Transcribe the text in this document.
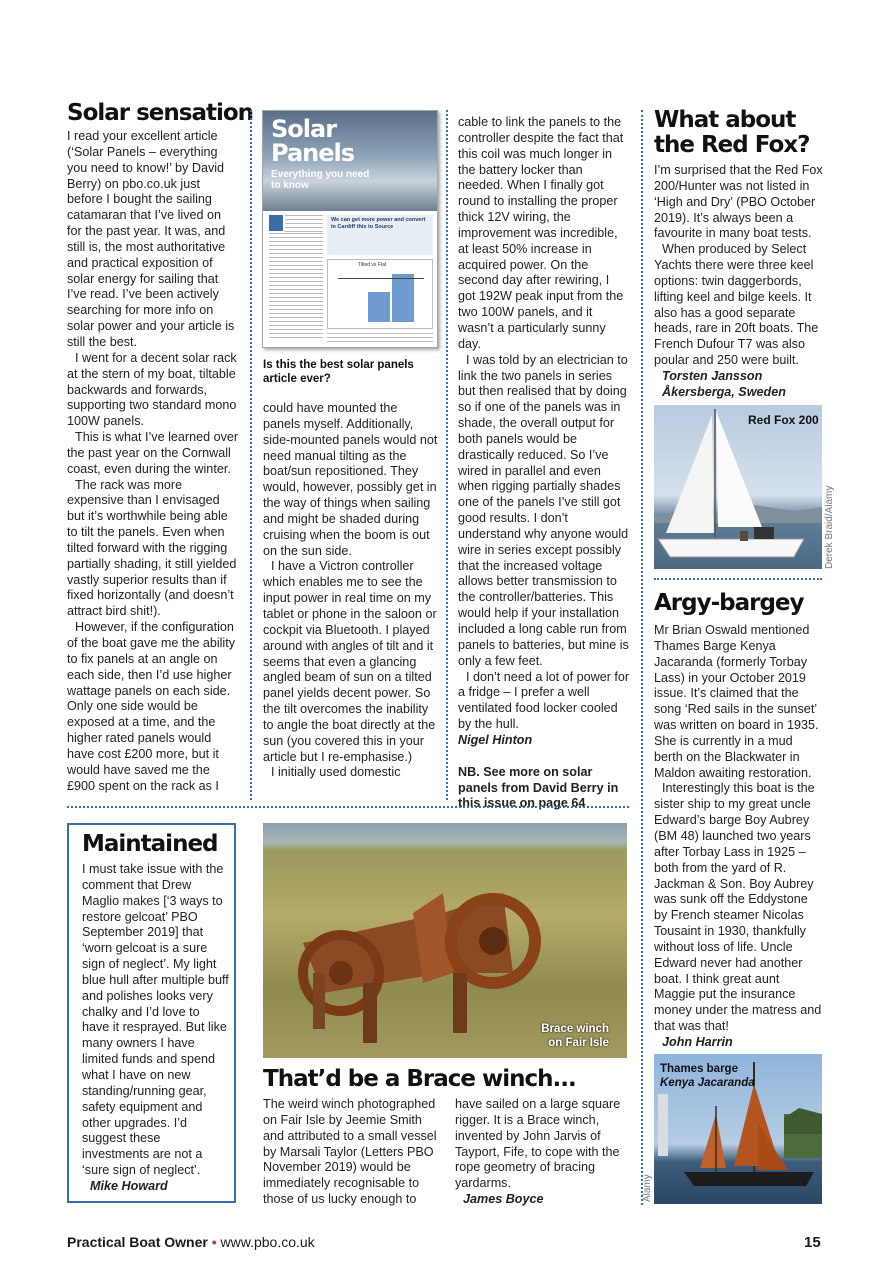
Solar sensation

I read your excellent article (‘Solar Panels – everything you need to know!’ by David Berry) on pbo.co.uk just before I bought the sailing catamaran that I’ve lived on for the past year. It was, and still is, the most authoritative and practical exposition of solar energy for sailing that I’ve read. I’ve been actively searching for more info on solar power and your article is still the best.

I went for a decent solar rack at the stern of my boat, tiltable backwards and forwards, supporting two standard mono 100W panels.

This is what I’ve learned over the past year on the Cornwall coast, even during the winter.

The rack was more expensive than I envisaged but it’s worthwhile being able to tilt the panels. Even when tilted forward with the rigging partially shading, it still yielded vastly superior results than if fixed horizontally (and doesn’t attract bird shit!).

However, if the configuration of the boat gave me the ability to fix panels at an angle on each side, then I’d use higher wattage panels on each side. Only one side would be exposed at a time, and the higher rated panels would have cost £200 more, but it would have saved me the £900 spent on the rack as I

Solar
Panels
Everything you need to know
We can get more power and convert in Cardiff this to Source
Tilted vs Flat
Is this the best solar panels article ever?

could have mounted the panels myself. Additionally, side-mounted panels would not need manual tilting as the boat/sun repositioned. They would, however, possibly get in the way of things when sailing and might be shaded during cruising when the boom is out on the sun side.

I have a Victron controller which enables me to see the input power in real time on my tablet or phone in the saloon or cockpit via Bluetooth. I played around with angles of tilt and it seems that even a glancing angled beam of sun on a tilted panel yields decent power. So the tilt overcomes the inability to angle the boat directly at the sun (you covered this in your article but I re-emphasise.)

I initially used domestic

cable to link the panels to the controller despite the fact that this coil was much longer in the battery locker than needed. When I finally got round to installing the proper thick 12V wiring, the improvement was incredible, at least 50% increase in acquired power. On the second day after rewiring, I got 192W peak input from the two 100W panels, and it wasn’t a particularly sunny day.

I was told by an electrician to link the two panels in series but then realised that by doing so if one of the panels was in shade, the overall output for both panels would be drastically reduced. So I’ve wired in parallel and even when rigging partially shades one of the panels I’ve still got good results. I don’t understand why anyone would wire in series except possibly that the increased voltage allows better transmission to the controller/batteries. This would help if your installation included a long cable run from panels to batteries, but mine is only a few feet.

I don’t need a lot of power for a fridge – I prefer a well ventilated food locker cooled by the hull.

Nigel Hinton

NB. See more on solar panels from David Berry in this issue on page 64

What about
the Red Fox?

I’m surprised that the Red Fox 200/Hunter was not listed in ‘High and Dry’ (PBO October 2019). It’s always been a favourite in many boat tests.

When produced by Select Yachts there were three keel options: twin daggerbords, lifting keel and bilge keels. It also has a good separate heads, rare in 20ft boats. The French Dufour T7 was also poular and 250 were built.

Torsten Jansson

Åkersberga, Sweden

Red Fox 200
Derek Braid/Alamy
Argy-bargey

Mr Brian Oswald mentioned Thames Barge Kenya Jacaranda (formerly Torbay Lass) in your October 2019 issue. It’s claimed that the song ‘Red sails in the sunset’ was written on board in 1935. She is currently in a mud berth on the Blackwater in Maldon awaiting restoration.

Interestingly this boat is the sister ship to my great uncle Edward’s barge Boy Aubrey (BM 48) launched two years after Torbay Lass in 1925 – both from the yard of R. Jackman & Son. Boy Aubrey was sunk off the Eddystone by French steamer Nicolas Tousaint in 1930, thankfully without loss of life. Uncle Edward never had another boat. I think great aunt Maggie put the insurance money under the matress and that was that!

John Harrin

Thames barge
Kenya Jacaranda
Alamy
Maintained

I must take issue with the comment that Drew Maglio makes [‘3 ways to restore gelcoat’ PBO September 2019] that ‘worn gelcoat is a sure sign of neglect’. My light blue hull after multiple buff and polishes looks very chalky and I’d love to have it resprayed. But like many owners I have limited funds and spend what I have on new standing/running gear, safety equipment and other upgrades. I’d suggest these investments are not a ‘sure sign of neglect’.

Mike Howard

Brace winch
on Fair Isle
That’d be a Brace winch...

The weird winch photographed on Fair Isle by Jeemie Smith and attributed to a small vessel by Marsali Taylor (Letters PBO November 2019) would be immediately recognisable to those of us lucky enough to

have sailed on a large square rigger. It is a Brace winch, invented by John Jarvis of Tayport, Fife, to cope with the rope geometry of bracing yardarms.

James Boyce

Practical Boat Owner • www.pbo.co.uk	15
